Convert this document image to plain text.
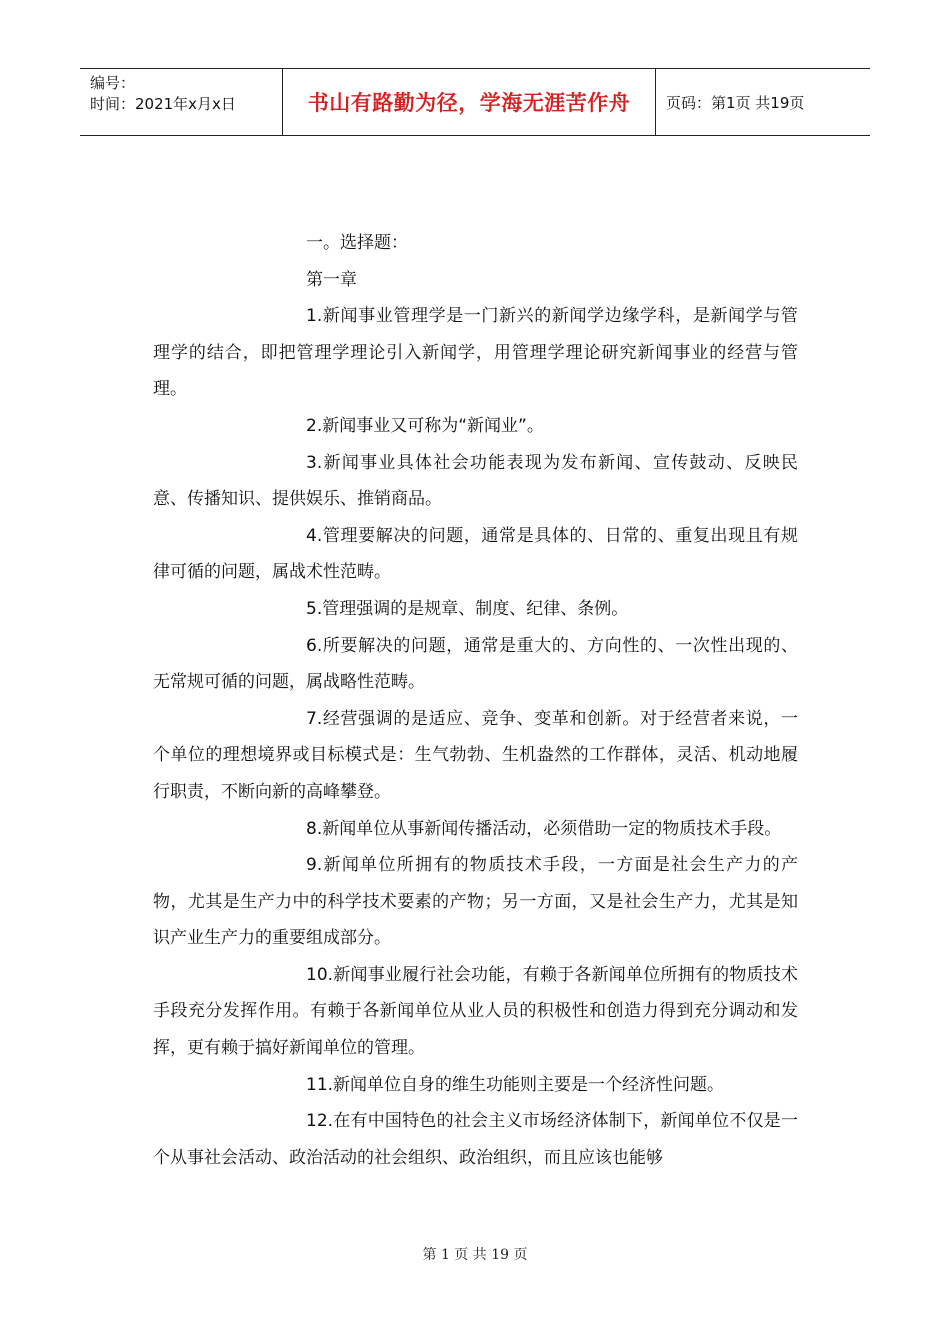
编号：
时间：2021年x月x日	书山有路勤为径，学海无涯苦作舟	页码：第1页 共19页

一。选择题：

第一章

1.新闻事业管理学是一门新兴的新闻学边缘学科，是新闻学与管理学的结合，即把管理学理论引入新闻学，用管理学理论研究新闻事业的经营与管理。

2.新闻事业又可称为“新闻业”。

3.新闻事业具体社会功能表现为发布新闻、宣传鼓动、反映民意、传播知识、提供娱乐、推销商品。

4.管理要解决的问题，通常是具体的、日常的、重复出现且有规律可循的问题，属战术性范畴。

5.管理强调的是规章、制度、纪律、条例。

6.所要解决的问题，通常是重大的、方向性的、一次性出现的、无常规可循的问题，属战略性范畴。

7.经营强调的是适应、竞争、变革和创新。对于经营者来说，一个单位的理想境界或目标模式是：生气勃勃、生机盎然的工作群体，灵活、机动地履行职责，不断向新的高峰攀登。

8.新闻单位从事新闻传播活动，必须借助一定的物质技术手段。

9.新闻单位所拥有的物质技术手段，一方面是社会生产力的产物，尤其是生产力中的科学技术要素的产物；另一方面，又是社会生产力，尤其是知识产业生产力的重要组成部分。

10.新闻事业履行社会功能，有赖于各新闻单位所拥有的物质技术手段充分发挥作用。有赖于各新闻单位从业人员的积极性和创造力得到充分调动和发挥，更有赖于搞好新闻单位的管理。

11.新闻单位自身的维生功能则主要是一个经济性问题。

12.在有中国特色的社会主义市场经济体制下，新闻单位不仅是一个从事社会活动、政治活动的社会组织、政治组织，而且应该也能够

第 1 页 共 19 页
